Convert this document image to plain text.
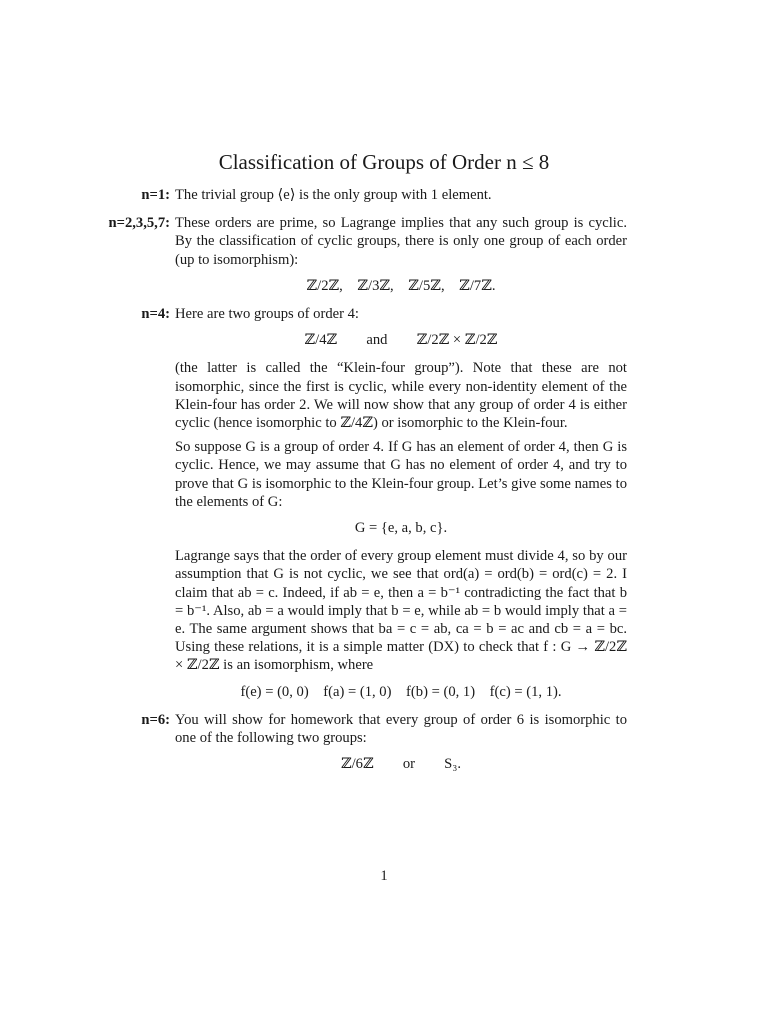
Classification of Groups of Order n ≤ 8
n=1: The trivial group ⟨e⟩ is the only group with 1 element.

n=2,3,5,7: These orders are prime, so Lagrange implies that any such group is cyclic. By the classification of cyclic groups, there is only one group of each order (up to isomorphism):

ℤ/2ℤ,    ℤ/3ℤ,    ℤ/5ℤ,    ℤ/7ℤ.
n=4: Here are two groups of order 4:

ℤ/4ℤ        and        ℤ/2ℤ × ℤ/2ℤ

(the latter is called the “Klein-four group”). Note that these are not isomorphic, since the first is cyclic, while every non-identity element of the Klein-four has order 2. We will now show that any group of order 4 is either cyclic (hence isomorphic to ℤ/4ℤ) or isomorphic to the Klein-four.

So suppose G is a group of order 4. If G has an element of order 4, then G is cyclic. Hence, we may assume that G has no element of order 4, and try to prove that G is isomorphic to the Klein-four group. Let’s give some names to the elements of G:

G = {e, a, b, c}.

Lagrange says that the order of every group element must divide 4, so by our assumption that G is not cyclic, we see that ord(a) = ord(b) = ord(c) = 2. I claim that ab = c. Indeed, if ab = e, then a = b⁻¹ contradicting the fact that b = b⁻¹. Also, ab = a would imply that b = e, while ab = b would imply that a = e. The same argument shows that ba = c = ab, ca = b = ac and cb = a = bc. Using these relations, it is a simple matter (DX) to check that f : G → ℤ/2ℤ × ℤ/2ℤ is an isomorphism, where

f(e) = (0, 0)    f(a) = (1, 0)    f(b) = (0, 1)    f(c) = (1, 1).
n=6: You will show for homework that every group of order 6 is isomorphic to one of the following two groups:

ℤ/6ℤ        or        S₃.
1
